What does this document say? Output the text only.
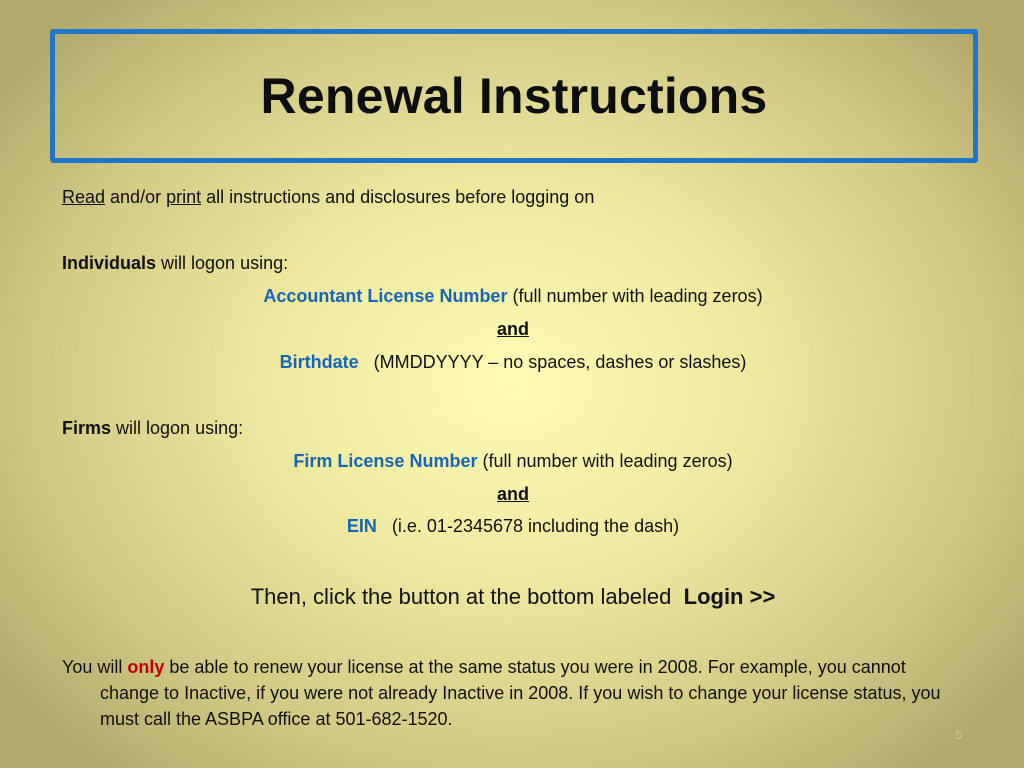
Renewal Instructions
Read and/or print all instructions and disclosures before logging on
Individuals will logon using:
Accountant License Number (full number with leading zeros)
and
Birthdate   (MMDDYYYY – no spaces, dashes or slashes)
Firms will logon using:
Firm License Number (full number with leading zeros)
and
EIN   (i.e. 01-2345678 including the dash)
Then, click the button at the bottom labeled  Login >>
You will only be able to renew your license at the same status you were in 2008. For example, you cannot change to Inactive, if you were not already Inactive in 2008. If you wish to change your license status, you must call the ASBPA office at 501-682-1520.
5
